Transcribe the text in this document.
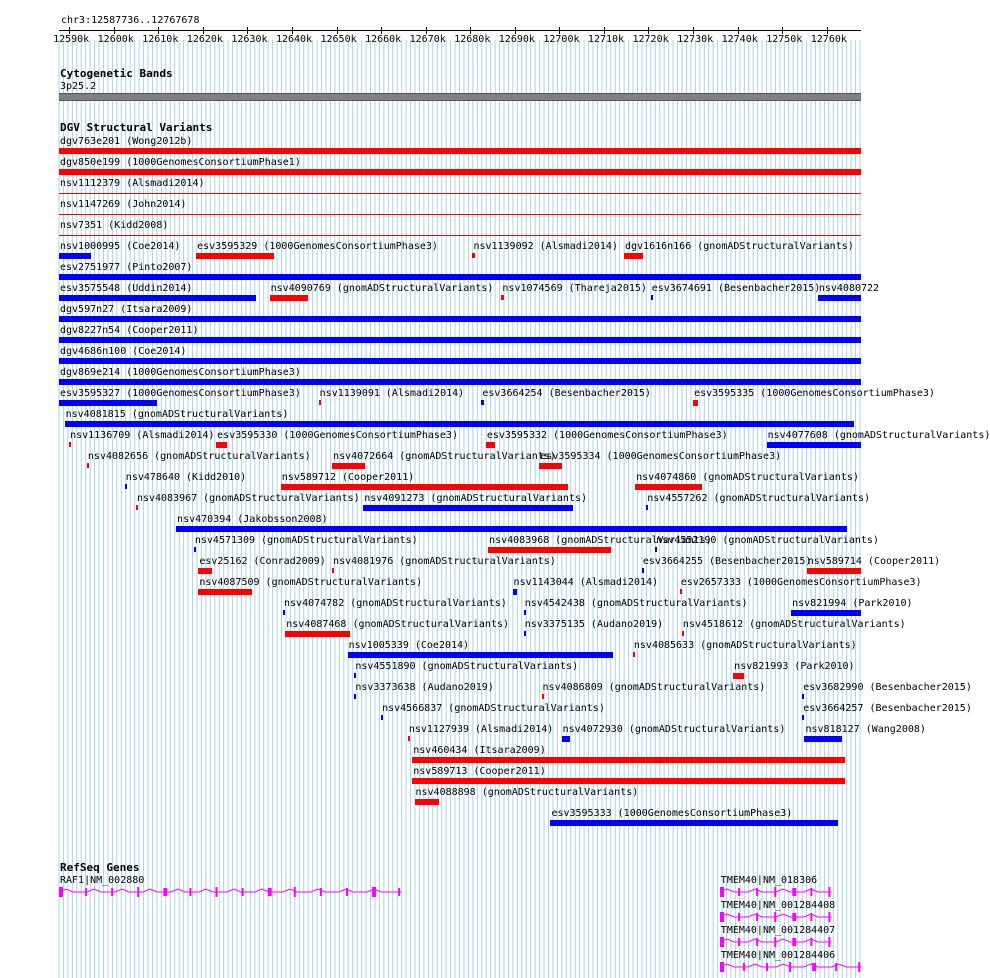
chr3:12587736..12767678
12590k 12600k 12610k 12620k 12630k 12640k 12650k 12660k 12670k 12680k 12690k 12700k 12710k 12720k 12730k 12740k 12750k 12760k
Cytogenetic Bands
3p25.2
DGV Structural Variants
dgv763e201 (Wong2012b)
dgv850e199 (1000GenomesConsortiumPhase1)
nsv1112379 (Alsmadi2014)
nsv1147269 (John2014)
nsv7351 (Kidd2008)
nsv1000995 (Coe2014) esv3595329 (1000GenomesConsortiumPhase3)	nsv1139092 (Alsmadi2014) dgv1616n166 (gnomADStructuralVariants)
esv2751977 (Pinto2007)
esv3575548 (Uddin2014)	nsv4090769 (gnomADStructuralVariants) nsv1074569 (Thareja2015) esv3674691 (Besenbacher2015)
nsv4080722
dgv597n27 (Itsara2009)
dgv8227n54 (Cooper2011)
dgv4686n100 (Coe2014)
dgv869e214 (1000GenomesConsortiumPhase3)
esv3595327 (1000GenomesConsortiumPhase3) nsv1139091 (Alsmadi2014) esv3664254 (Besenbacher2015)	esv3595335 (1000GenomesConsortiumPhase3)
nsv4081815 (gnomADStructuralVariants)
nsv1136709 (Alsmadi2014) esv3595330 (1000GenomesConsortiumPhase3)	esv3595332 (1000GenomesConsortiumPhase3)	nsv4077608 (gnomADStructuralVariants)
nsv4082656 (gnomADStructuralVariants) nsv4072664 (gnomADStructuralVariants)
esv3595334 (1000GenomesConsortiumPhase3)
nsv478640 (Kidd2010)	nsv589712 (Cooper2011)	nsv4074860 (gnomADStructuralVariants)
nsv4083967 (gnomADStructuralVariants) nsv4091273 (gnomADStructuralVariants)	nsv4557262 (gnomADStructuralVariants)
nsv470394 (Jakobsson2008)
nsv4571309 (gnomADStructuralVariants)	nsv4083968 (gnomADStructuralVariants)
nsv4552190 (gnomADStructuralVariants)
esv25162 (Conrad2009) nsv4081976 (gnomADStructuralVariants)	esv3664255 (Besenbacher2015)
nsv589714 (Cooper2011)
nsv4087509 (gnomADStructuralVariants)	nsv1143044 (Alsmadi2014) esv2657333 (1000GenomesConsortiumPhase3)
nsv4074782 (gnomADStructuralVariants) nsv4542438 (gnomADStructuralVariants)	nsv821994 (Park2010)
nsv4087468 (gnomADStructuralVariants) nsv3375135 (Audano2019) nsv4518612 (gnomADStructuralVariants)
nsv1005339 (Coe2014)	nsv4085633 (gnomADStructuralVariants)
nsv4551890 (gnomADStructuralVariants)	nsv821993 (Park2010)
nsv3373638 (Audano2019)	nsv4086809 (gnomADStructuralVariants)	esv3682990 (Besenbacher2015)
nsv4566837 (gnomADStructuralVariants)	esv3664257 (Besenbacher2015)
nsv1127939 (Alsmadi2014) nsv4072930 (gnomADStructuralVariants) nsv818127 (Wang2008)
nsv460434 (Itsara2009)
nsv589713 (Cooper2011)
nsv4088898 (gnomADStructuralVariants)
esv3595333 (1000GenomesConsortiumPhase3)
RefSeq Genes
RAF1|NM_002880	TMEM40|NM_018306
TMEM40|NM_001284408
TMEM40|NM_001284407
TMEM40|NM_001284406
